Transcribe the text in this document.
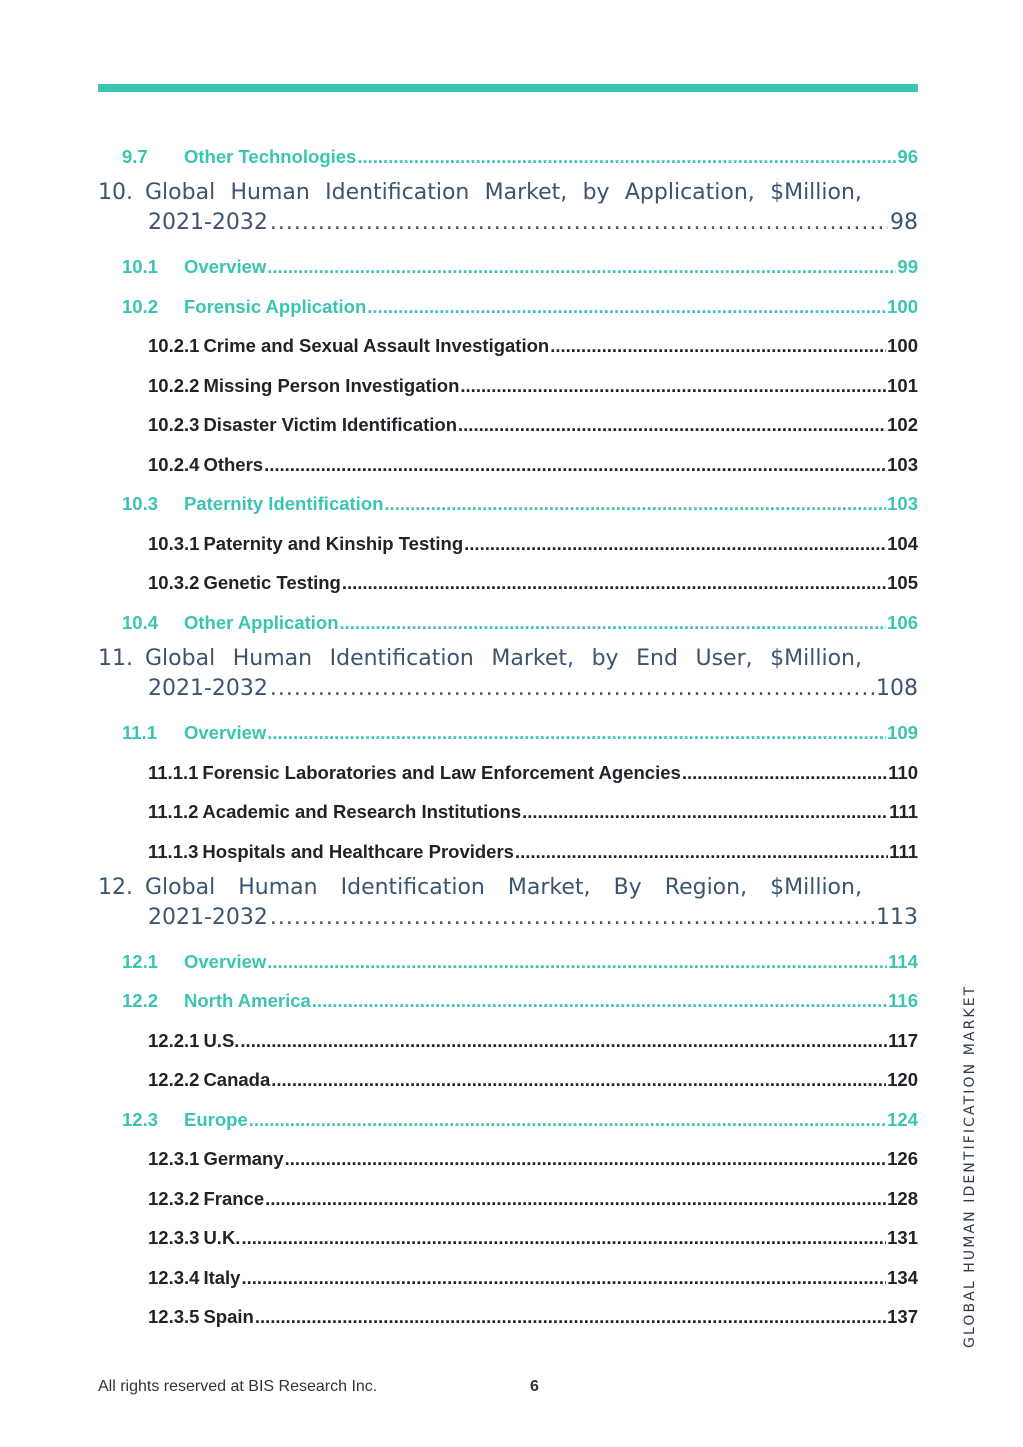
9.7	Other Technologies .....	96
10. Global Human Identification Market, by Application, $Million,
2021-2032 .....	98
10.1	Overview .....	99
10.2	Forensic Application .....	100
10.2.1 Crime and Sexual Assault Investigation .....	100
10.2.2 Missing Person Investigation .....	101
10.2.3 Disaster Victim Identification .....	102
10.2.4 Others .....	103
10.3	Paternity Identification .....	103
10.3.1 Paternity and Kinship Testing .....	104
10.3.2 Genetic Testing .....	105
10.4	Other Application .....	106
11. Global Human Identification Market, by End User, $Million,
2021-2032 .....	108
11.1	Overview .....	109
11.1.1 Forensic Laboratories and Law Enforcement Agencies .....	110
11.1.2 Academic and Research Institutions .....	111
11.1.3 Hospitals and Healthcare Providers .....	111
12. Global Human Identification Market, By Region, $Million,
2021-2032 .....	113
12.1	Overview .....	114
12.2	North America .....	116
12.2.1 U.S. .....	117
12.2.2 Canada .....	120
12.3	Europe .....	124
12.3.1 Germany .....	126
12.3.2 France .....	128
12.3.3 U.K. .....	131
12.3.4 Italy .....	134
12.3.5 Spain .....	137	GLOBAL HUMAN IDENTIFICATION MARKET
All rights reserved at BIS Research Inc.	6
